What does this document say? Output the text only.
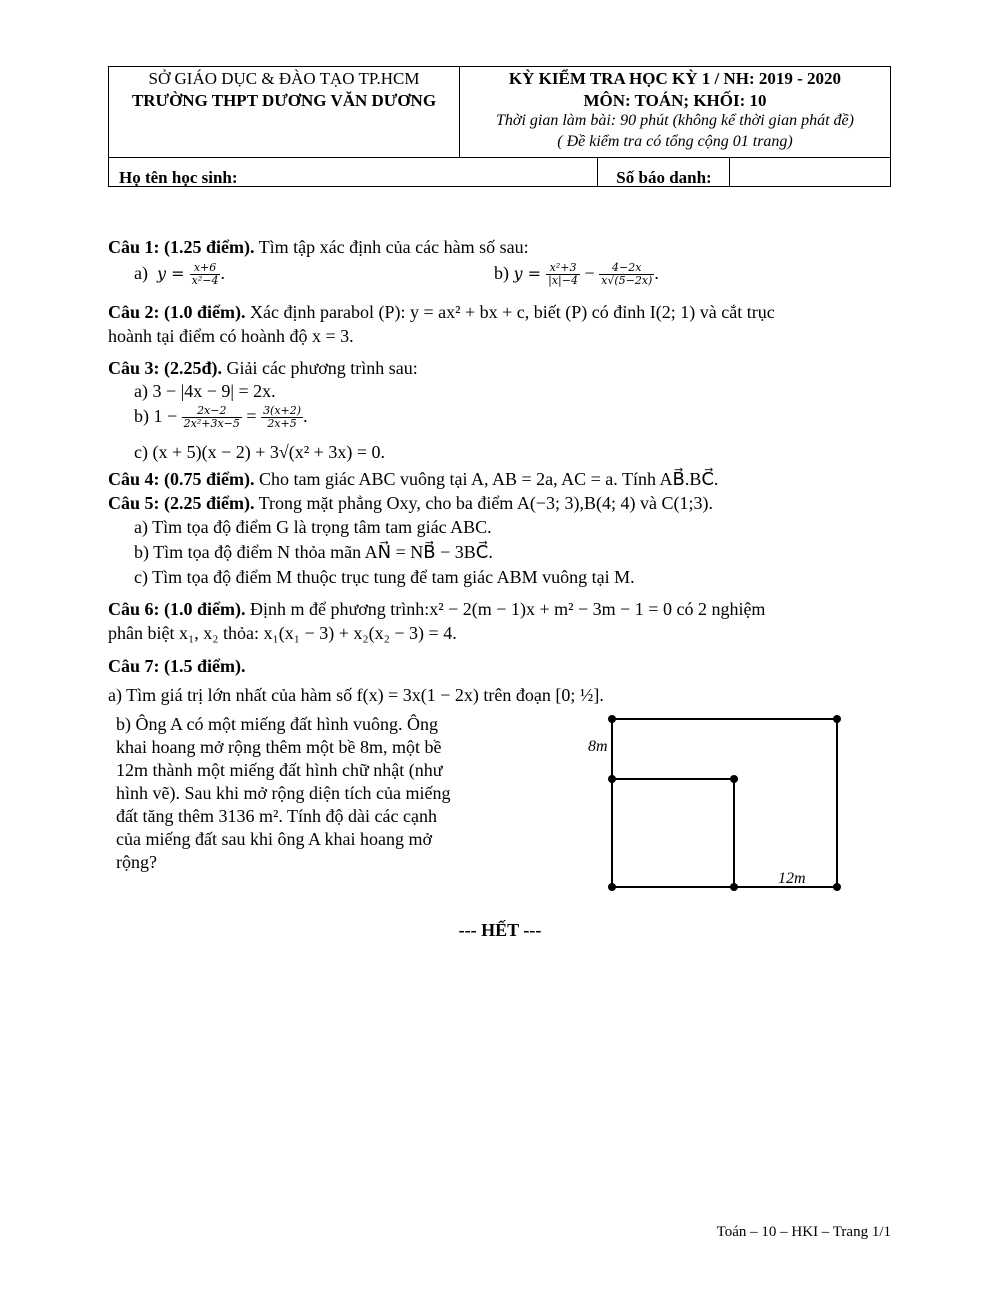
SỞ GIÁO DỤC & ĐÀO TẠO TP.HCM
TRƯỜNG THPT DƯƠNG VĂN DƯƠNG
KỲ KIỂM TRA HỌC KỲ 1 / NH: 2019 - 2020
MÔN: TOÁN; KHỐI: 10
Thời gian làm bài: 90 phút (không kể thời gian phát đề)
( Đề kiểm tra có tổng cộng 01 trang)
Họ tên học sinh:	Số báo danh:
Câu 1: (1.25 điểm). Tìm tập xác định của các hàm số sau:
a) $y = \frac{x+6}{\text{x²−4}}$ .	b) $y = \frac{\text{x²+3}}{|x|-4} - \frac{4-2x}{x√(5-2x)}$ .
Câu 2: (1.0 điểm). Xác định parabol (P): y = ax² + bx + c, biết (P) có đỉnh I(2; 1) và cắt trục
hoành tại điểm có hoành độ x = 3.
Câu 3: (2.25đ). Giải các phương trình sau:
a) 3 − |4x − 9| = 2x.
b) $1 - \frac{2x-2}{\text{2x²+3x−5}} = \frac{3(x+2)}{2x+5}$ .
c) (x + 5)(x − 2) + 3√(x² + 3x) = 0.
Câu 4: (0.75 điểm). Cho tam giác ABC vuông tại A, AB = 2a, AC = a. Tính AB⃗.BC⃗.
Câu 5: (2.25 điểm). Trong mặt phẳng Oxy, cho ba điểm A(−3; 3),B(4; 4) và C(1;3).
a) Tìm tọa độ điểm G là trọng tâm tam giác ABC.
b) Tìm tọa độ điểm N thỏa mãn AN⃗ = NB⃗ − 3BC⃗.
c) Tìm tọa độ điểm M thuộc trục tung để tam giác ABM vuông tại M.
Câu 6: (1.0 điểm). Định m để phương trình:x² − 2(m − 1)x + m² − 3m − 1 = 0 có 2 nghiệm
phân biệt x₁, x₂ thỏa: x₁(x₁ − 3) + x₂(x₂ − 3) = 4.
Câu 7: (1.5 điểm).
a) Tìm giá trị lớn nhất của hàm số f(x) = 3x(1 − 2x) trên đoạn [0; ½].
b) Ông A có một miếng đất hình vuông. Ông
khai hoang mở rộng thêm một bề 8m, một bề
12m thành một miếng đất hình chữ nhật (như
hình vẽ). Sau khi mở rộng diện tích của miếng
đất tăng thêm 3136 m². Tính độ dài các cạnh
của miếng đất sau khi ông A khai hoang mở
rộng?
8m
12m
--- HẾT ---
Toán – 10 – HKI – Trang 1/1
